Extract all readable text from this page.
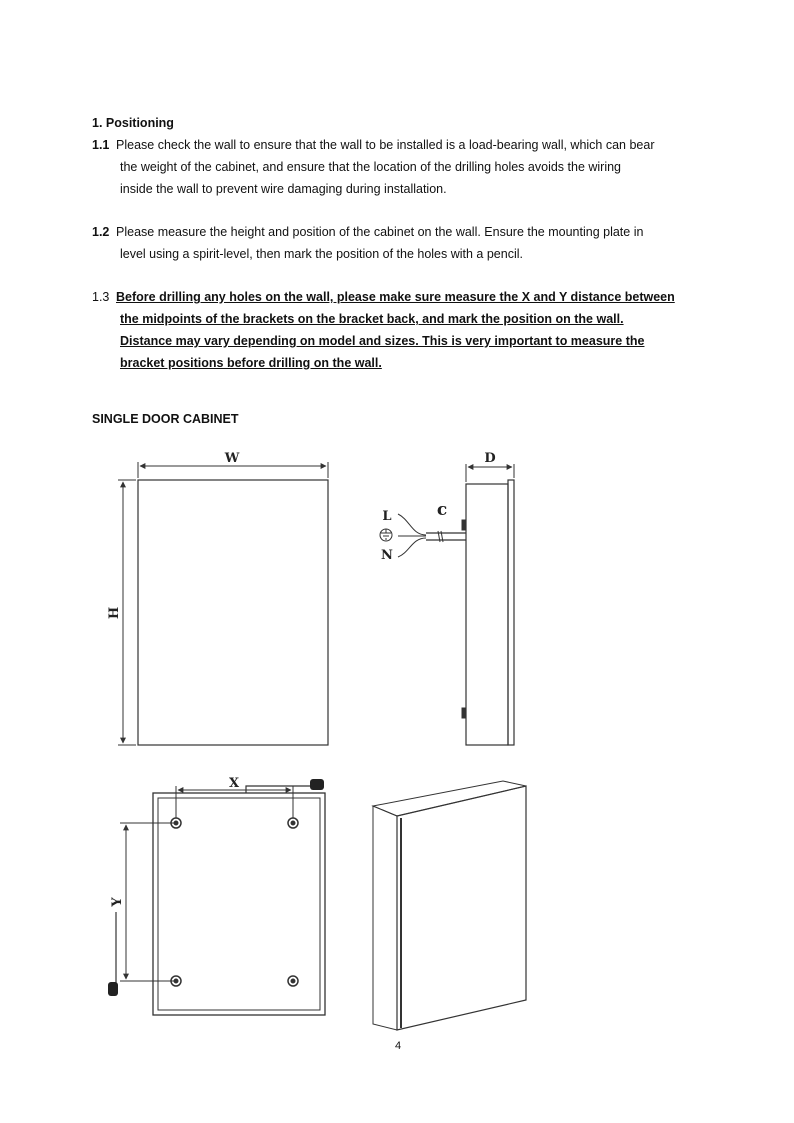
1. Positioning
1.1 Please check the wall to ensure that the wall to be installed is a load-bearing wall, which can bear
the weight of the cabinet, and ensure that the location of the drilling holes avoids the wiring
inside the wall to prevent wire damaging during installation.
1.2 Please measure the height and position of the cabinet on the wall. Ensure the mounting plate in
level using a spirit-level, then mark the position of the holes with a pencil.
1.3 Before drilling any holes on the wall, please make sure measure the X and Y distance between
the midpoints of the brackets on the bracket back, and mark the position on the wall.
Distance may vary depending on model and sizes. This is very important to measure the
bracket positions before drilling on the wall.
SINGLE DOOR CABINET
W
H
D
c
L
N
X
Y
4
